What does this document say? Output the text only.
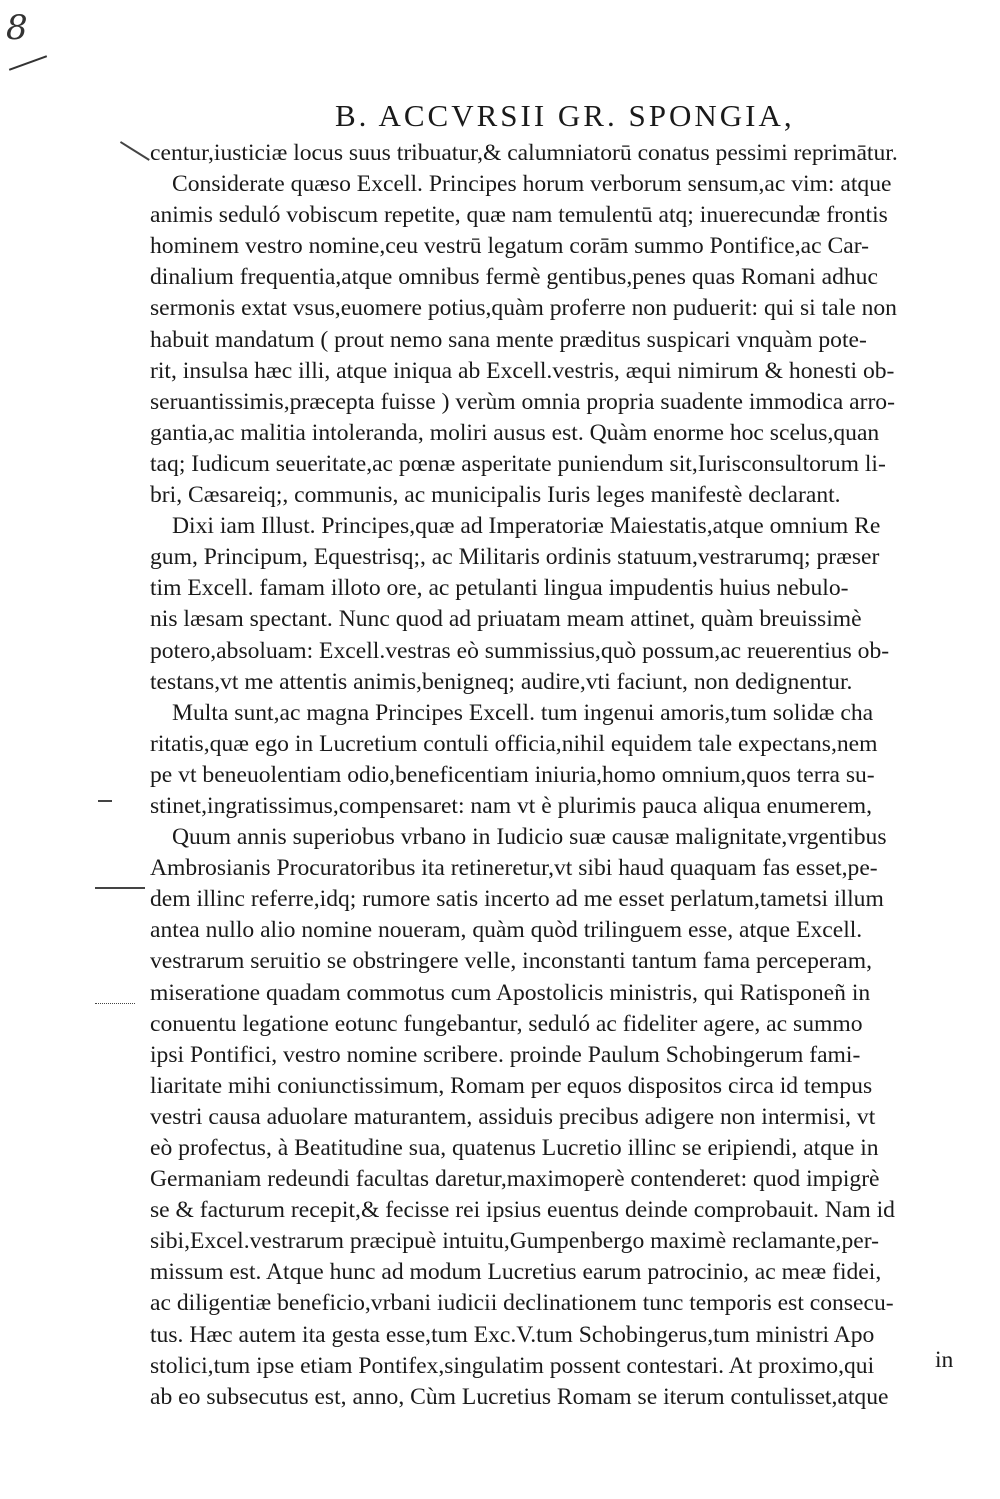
8
B. ACCVRSII GR. SPONGIA,
centur,iusticiæ locus suus tribuatur,& calumniatorū conatus pessimi reprimātur.
Considerate quæso Excell. Principes horum verborum sensum,ac vim: atque
animis seduló vobiscum repetite, quæ nam temulentū atq; inuerecundæ frontis
hominem vestro nomine,ceu vestrū legatum corām summo Pontifice,ac Car-
dinalium frequentia,atque omnibus fermè gentibus,penes quas Romani adhuc
sermonis extat vsus,euomere potius,quàm proferre non puduerit: qui si tale non
habuit mandatum ( prout nemo sana mente præditus suspicari vnquàm pote-
rit, insulsa hæc illi, atque iniqua ab Excell.vestris, æqui nimirum & honesti ob-
seruantissimis,præcepta fuisse ) verùm omnia propria suadente immodica arro-
gantia,ac malitia intoleranda, moliri ausus est. Quàm enorme hoc scelus,quan
taq; Iudicum seueritate,ac pœnæ asperitate puniendum sit,Iurisconsultorum li-
bri, Cæsareiq;, communis, ac municipalis Iuris leges manifestè declarant.
Dixi iam Illust. Principes,quæ ad Imperatoriæ Maiestatis,atque omnium Re
gum, Principum, Equestrisq;, ac Militaris ordinis statuum,vestrarumq; præser
tim Excell. famam illoto ore, ac petulanti lingua impudentis huius nebulo-
nis læsam spectant. Nunc quod ad priuatam meam attinet, quàm breuissimè
potero,absoluam: Excell.vestras eò summissius,quò possum,ac reuerentius ob-
testans,vt me attentis animis,benigneq; audire,vti faciunt, non dedignentur.
Multa sunt,ac magna Principes Excell. tum ingenui amoris,tum solidæ cha
ritatis,quæ ego in Lucretium contuli officia,nihil equidem tale expectans,nem
pe vt beneuolentiam odio,beneficentiam iniuria,homo omnium,quos terra su-
stinet,ingratissimus,compensaret: nam vt è plurimis pauca aliqua enumerem,
Quum annis superiobus vrbano in Iudicio suæ causæ malignitate,vrgentibus
Ambrosianis Procuratoribus ita retineretur,vt sibi haud quaquam fas esset,pe-
dem illinc referre,idq; rumore satis incerto ad me esset perlatum,tametsi illum
antea nullo alio nomine noueram, quàm quòd trilinguem esse, atque Excell.
vestrarum seruitio se obstringere velle, inconstanti tantum fama perceperam,
miseratione quadam commotus cum Apostolicis ministris, qui Ratisponeñ in
conuentu legatione eotunc fungebantur, seduló ac fideliter agere, ac summo
ipsi Pontifici, vestro nomine scribere. proinde Paulum Schobingerum fami-
liaritate mihi coniunctissimum, Romam per equos dispositos circa id tempus
vestri causa aduolare maturantem, assiduis precibus adigere non intermisi, vt
eò profectus, à Beatitudine sua, quatenus Lucretio illinc se eripiendi, atque in
Germaniam redeundi facultas daretur,maximoperè contenderet: quod impigrè
se & facturum recepit,& fecisse rei ipsius euentus deinde comprobauit. Nam id
sibi,Excel.vestrarum præcipuè intuitu,Gumpenbergo maximè reclamante,per-
missum est. Atque hunc ad modum Lucretius earum patrocinio, ac meæ fidei,
ac diligentiæ beneficio,vrbani iudicii declinationem tunc temporis est consecu-
tus. Hæc autem ita gesta esse,tum Exc.V.tum Schobingerus,tum ministri Apo
stolici,tum ipse etiam Pontifex,singulatim possent contestari. At proximo,qui
ab eo subsecutus est, anno, Cùm Lucretius Romam se iterum contulisset,atque
in
